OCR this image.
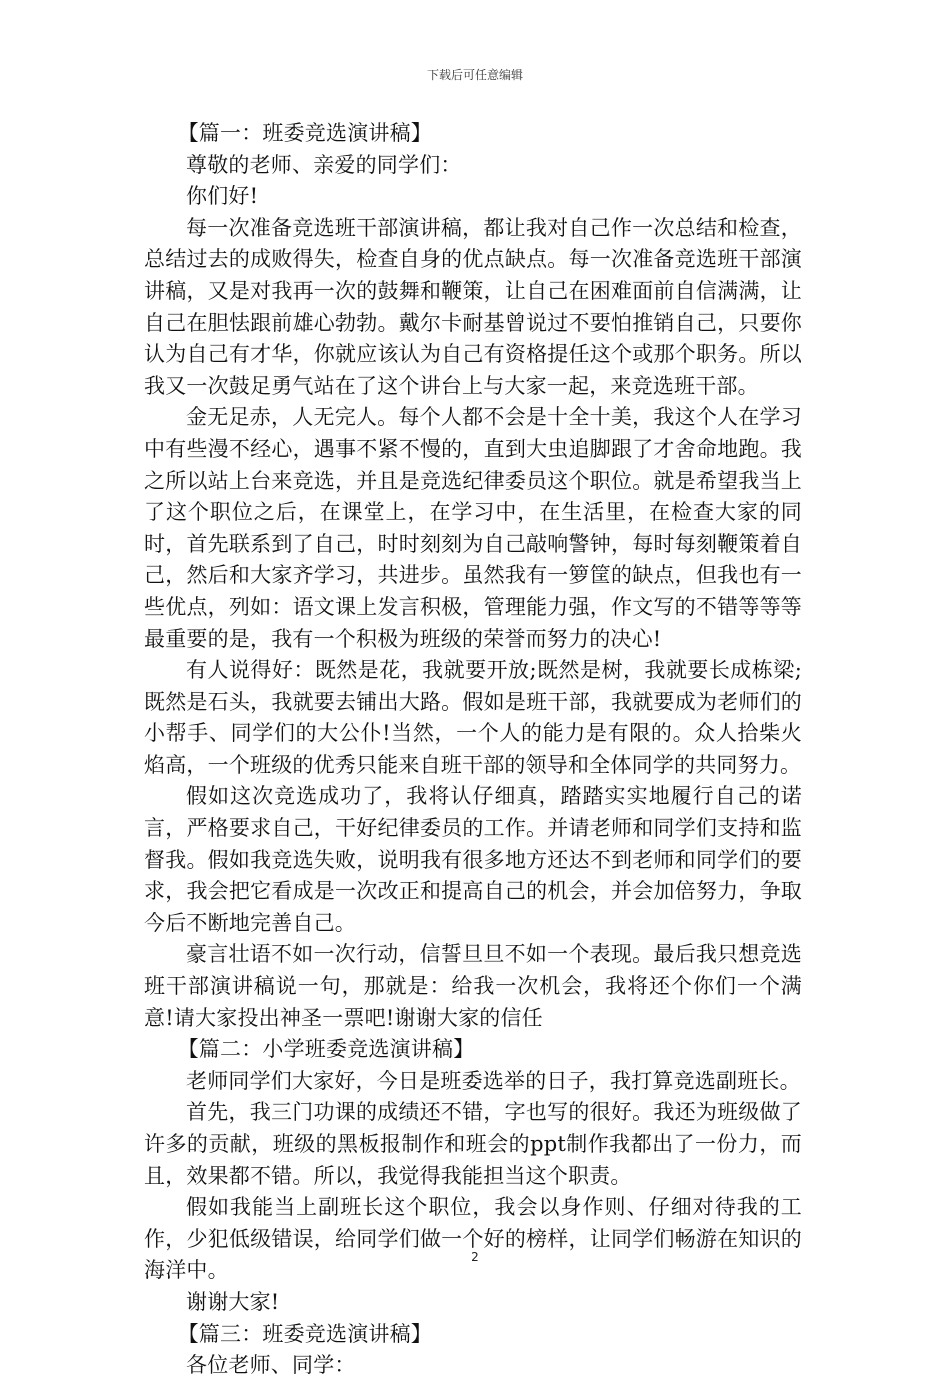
下载后可任意编辑

【篇一：班委竞选演讲稿】

尊敬的老师、亲爱的同学们：

你们好!

每一次准备竞选班干部演讲稿，都让我对自己作一次总结和检查，总结过去的成败得失，检查自身的优点缺点。每一次准备竞选班干部演讲稿，又是对我再一次的鼓舞和鞭策，让自己在困难面前自信满满，让自己在胆怯跟前雄心勃勃。戴尔卡耐基曾说过不要怕推销自己，只要你认为自己有才华，你就应该认为自己有资格提任这个或那个职务。所以我又一次鼓足勇气站在了这个讲台上与大家一起，来竞选班干部。

金无足赤，人无完人。每个人都不会是十全十美，我这个人在学习中有些漫不经心，遇事不紧不慢的，直到大虫追脚跟了才舍命地跑。我之所以站上台来竞选，并且是竞选纪律委员这个职位。就是希望我当上了这个职位之后，在课堂上，在学习中，在生活里，在检查大家的同时，首先联系到了自己，时时刻刻为自己敲响警钟，每时每刻鞭策着自己，然后和大家齐学习，共进步。虽然我有一箩筐的缺点，但我也有一些优点，列如：语文课上发言积极，管理能力强，作文写的不错等等等最重要的是，我有一个积极为班级的荣誉而努力的决心!

有人说得好：既然是花，我就要开放;既然是树，我就要长成栋梁;既然是石头，我就要去铺出大路。假如是班干部，我就要成为老师们的小帮手、同学们的大公仆!当然，一个人的能力是有限的。众人拾柴火焰高，一个班级的优秀只能来自班干部的领导和全体同学的共同努力。

假如这次竞选成功了，我将认仔细真，踏踏实实地履行自己的诺言，严格要求自己，干好纪律委员的工作。并请老师和同学们支持和监督我。假如我竞选失败，说明我有很多地方还达不到老师和同学们的要求，我会把它看成是一次改正和提高自己的机会，并会加倍努力，争取今后不断地完善自己。

豪言壮语不如一次行动，信誓旦旦不如一个表现。最后我只想竞选班干部演讲稿说一句，那就是：给我一次机会，我将还个你们一个满意!请大家投出神圣一票吧!谢谢大家的信任

【篇二：小学班委竞选演讲稿】

老师同学们大家好，今日是班委选举的日子，我打算竞选副班长。

首先，我三门功课的成绩还不错，字也写的很好。我还为班级做了许多的贡献，班级的黑板报制作和班会的ppt制作我都出了一份力，而且，效果都不错。所以，我觉得我能担当这个职责。

假如我能当上副班长这个职位，我会以身作则、仔细对待我的工作，少犯低级错误，给同学们做一个好的榜样，让同学们畅游在知识的海洋中。

谢谢大家!

【篇三：班委竞选演讲稿】

各位老师、同学：

2
